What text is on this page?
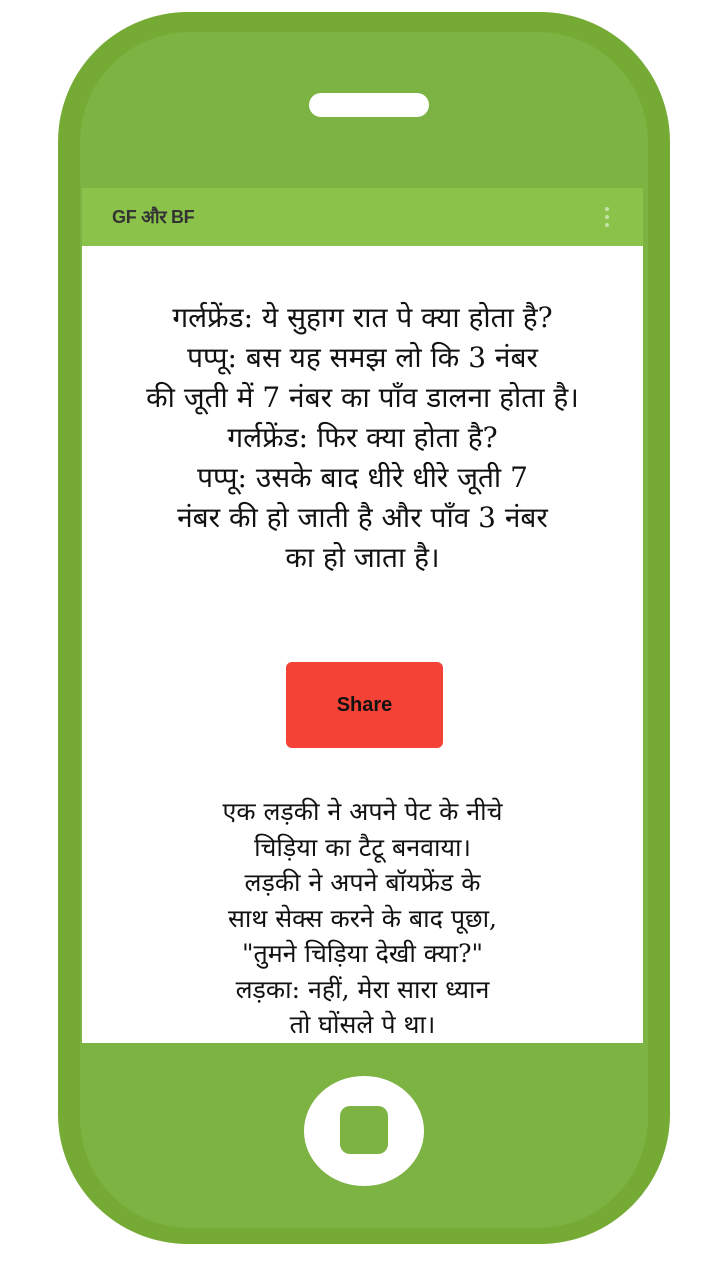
GF और BF
गर्लफ्रेंड: ये सुहाग रात पे क्या होता है?
पप्पू: बस यह समझ लो कि 3 नंबर
की जूती में 7 नंबर का पाँव डालना होता है।
गर्लफ्रेंड: फिर क्या होता है?
पप्पू: उसके बाद धीरे धीरे जूती 7
नंबर की हो जाती है और पाँव 3 नंबर
का हो जाता है।
Share
एक लड़की ने अपने पेट के नीचे
चिड़िया का टैटू बनवाया।
लड़की ने अपने बॉयफ्रेंड के
साथ सेक्स करने के बाद पूछा,
"तुमने चिड़िया देखी क्या?"
लड़का: नहीं, मेरा सारा ध्यान
तो घोंसले पे था।
